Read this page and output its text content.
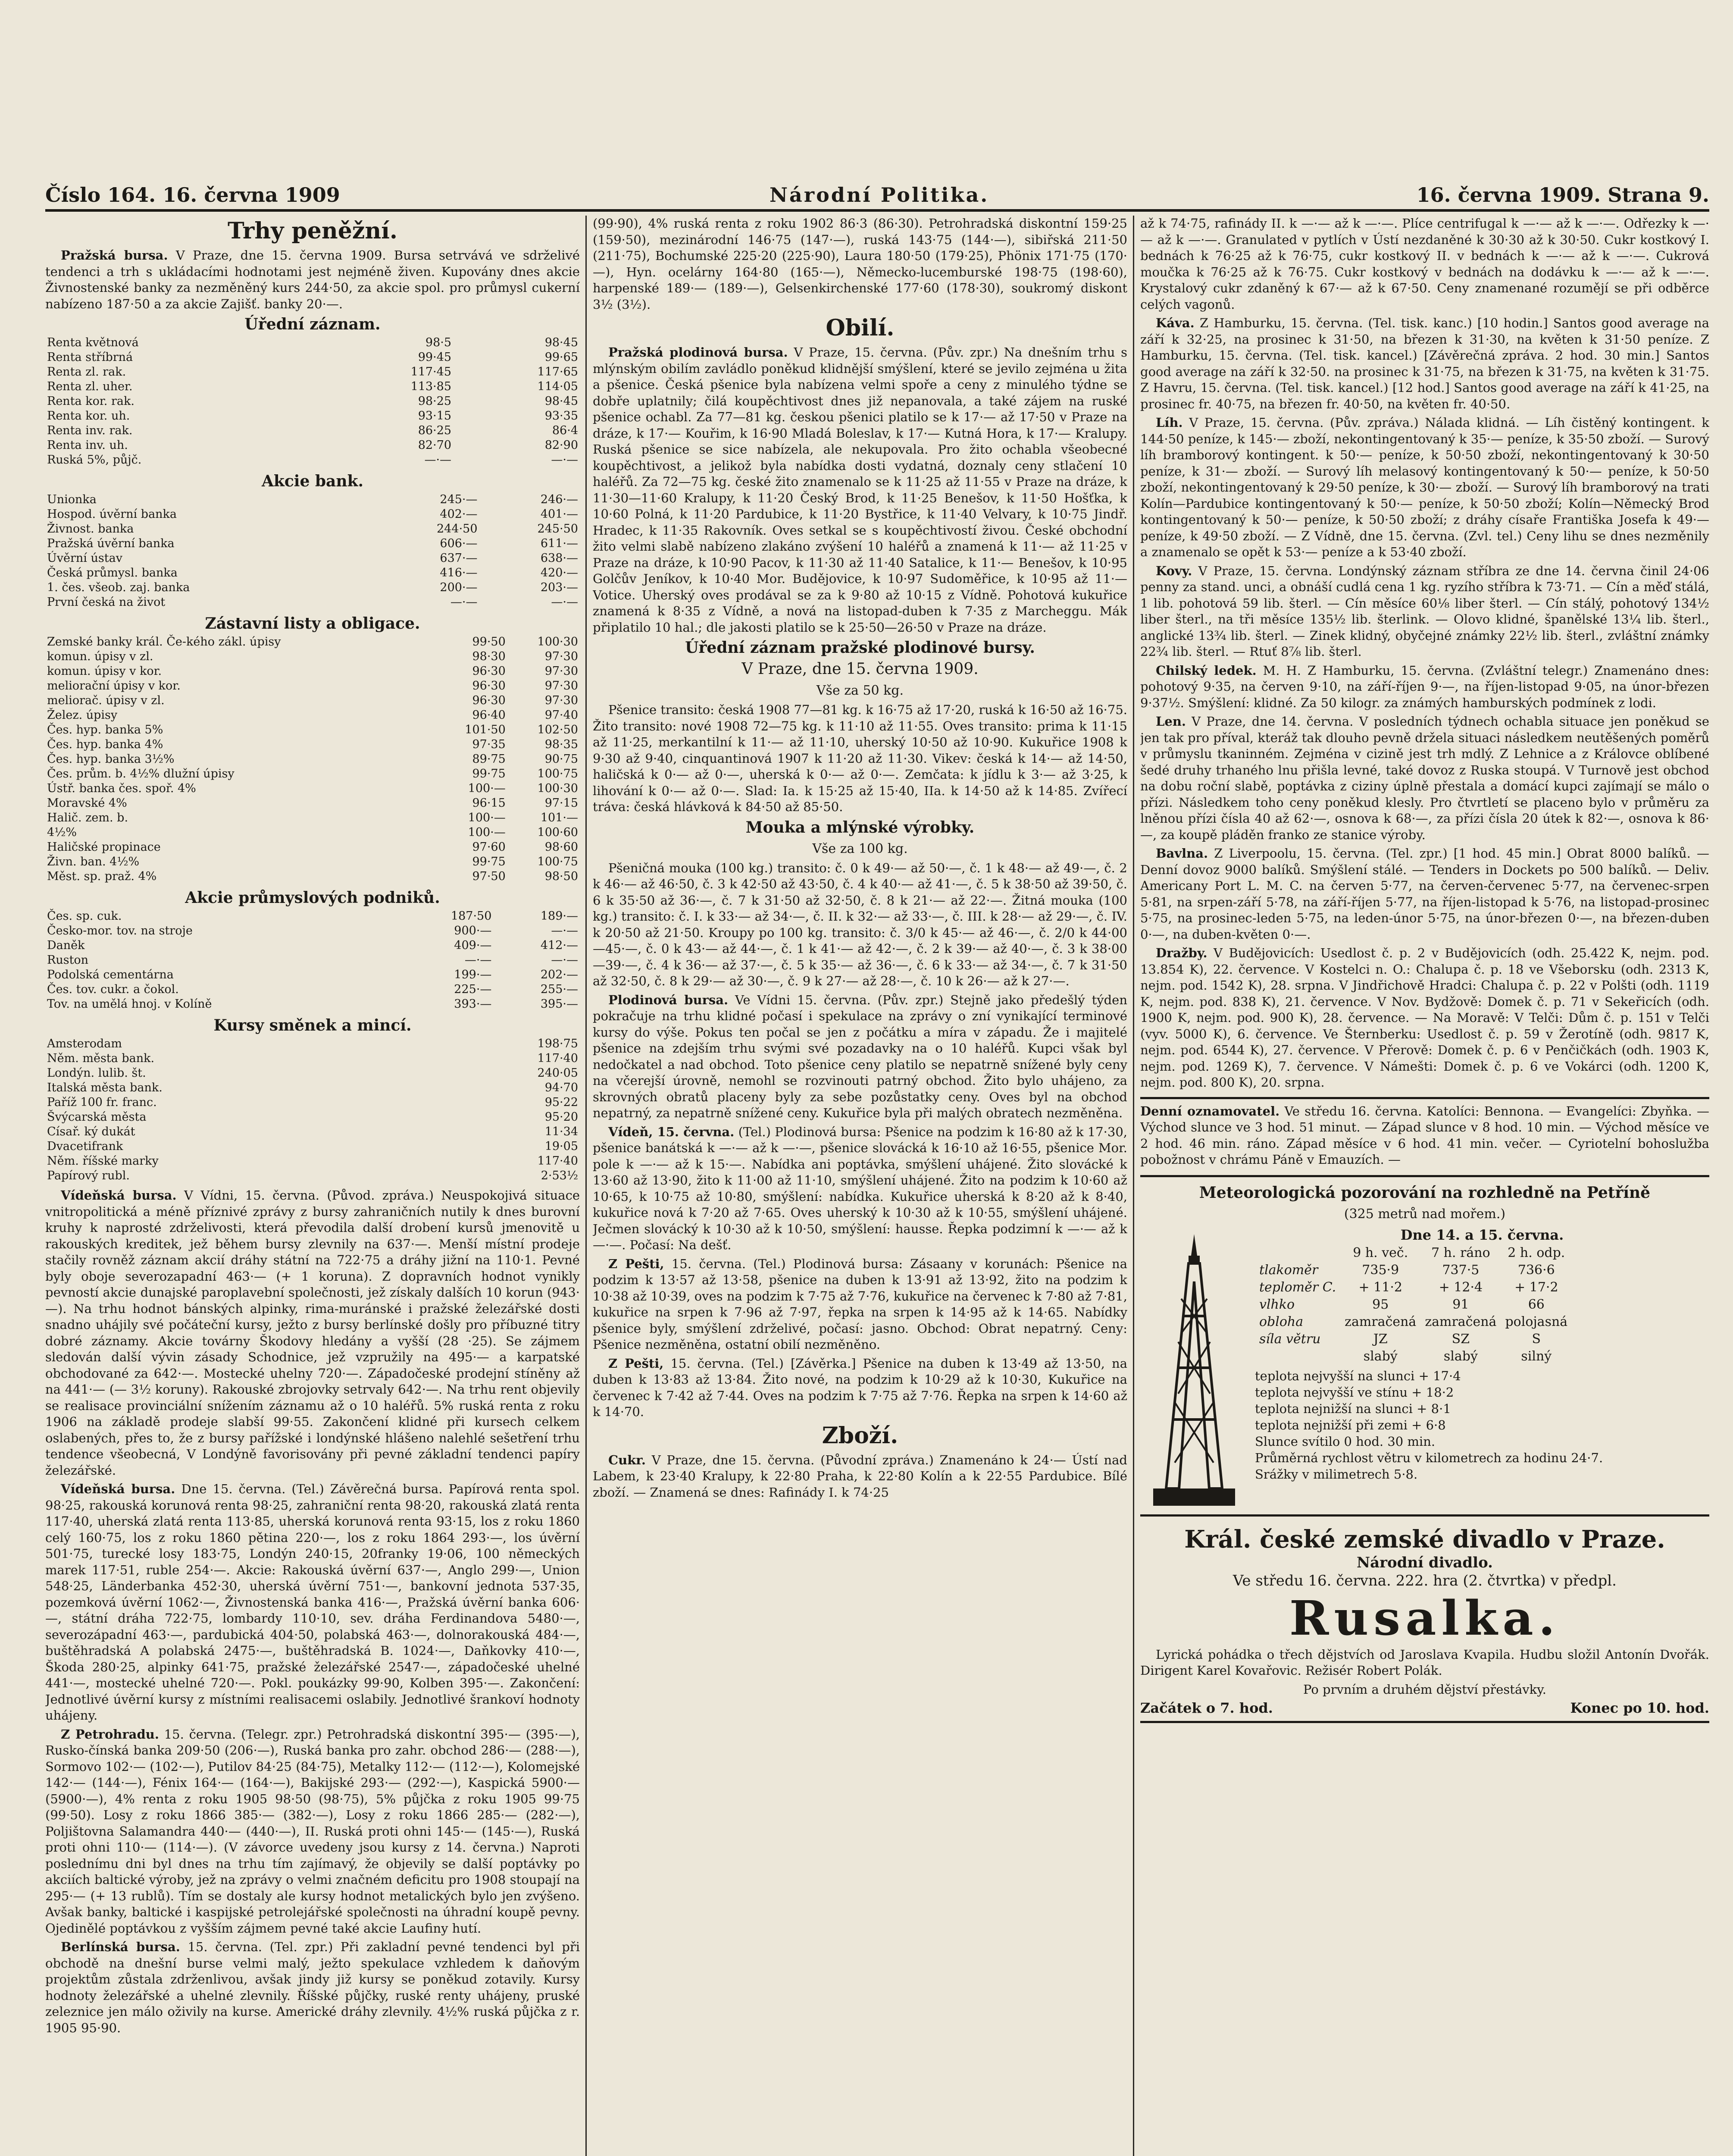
Číslo 164. 16. června 1909	Národní Politika.	16. června 1909. Strana 9.
Trhy peněžní.

Pražská bursa. V Praze, dne 15. června 1909. Bursa setrvává ve sdrželivé tendenci a trh s ukládacími hodnotami jest nejméně živen. Kupovány dnes akcie Živnostenské banky za nezměněný kurs 244·50, za akcie spol. pro průmysl cukerní nabízeno 187·50 a za akcie Zajišť. banky 20·—.

Úřední záznam.
Renta květnová	98·5	98·45
Renta stříbrná	99·45	99·65
Renta zl. rak.	117·45	117·65
Renta zl. uher.	113·85	114·05
Renta kor. rak.	98·25	98·45
Renta kor. uh.	93·15	93·35
Renta inv. rak.	86·25	86·4
Renta inv. uh.	82·70	82·90
Ruská 5%, půjč.	—·—	—·—
Akcie bank.
Unionka	245·—	246·—
Hospod. úvěrní banka	402·—	401·—
Živnost. banka	244·50	245·50
Pražská úvěrní banka	606·—	611·—
Úvěrní ústav	637·—	638·—
Česká průmysl. banka	416·—	420·—
1. čes. všeob. zaj. banka	200·—	203·—
První česká na život	—·—	—·—
Zástavní listy a obligace.
Zemské banky král. Če-kého zákl. úpisy	99·50	100·30
komun. úpisy v zl.	98·30	97·30
komun. úpisy v kor.	96·30	97·30
meliorační úpisy v kor.	96·30	97·30
meliorač. úpisy v zl.	96·30	97·30
Želez. úpisy	96·40	97·40
Čes. hyp. banka 5%	101·50	102·50
Čes. hyp. banka 4%	97·35	98·35
Čes. hyp. banka 3½%	89·75	90·75
Čes. prům. b. 4½% dlužní úpisy	99·75	100·75
Ústř. banka čes. spoř. 4%	100·—	100·30
Moravské 4%	96·15	97·15
Halič. zem. b.	100·—	101·—
4½%	100·—	100·60
Haličské propinace	97·60	98·60
Živn. ban. 4½%	99·75	100·75
Měst. sp. praž. 4%	97·50	98·50
Akcie průmyslových podniků.
Čes. sp. cuk.	187·50	189·—
Česko-mor. tov. na stroje	900·—	—·—
Daněk	409·—	412·—
Ruston	—·—	—·—
Podolská cementárna	199·—	202·—
Čes. tov. cukr. a čokol.	225·—	255·—
Tov. na umělá hnoj. v Kolíně	393·—	395·—
Kursy směnek a mincí.
Amsterodam	198·75
Něm. města bank.	117·40
Londýn. lulib. št.	240·05
Italská města bank.	94·70
Paříž 100 fr. franc.	95·22
Švýcarská města	95·20
Císař. ký dukát	11·34
Dvacetifrank	19·05
Něm. říšské marky	117·40
Papírový rubl.	2·53½

Vídeňská bursa. V Vídni, 15. června. (Původ. zpráva.) Neuspokojivá situace vnitropolitická a méně příznivé zprávy z bursy zahraničních nutily k dnes burovní kruhy k naprosté zdrželivosti, která převodila další drobení kursů jmenovitě u rakouských kreditek, jež během bursy zlevnily na 637·—. Menší místní prodeje stačily rovněž záznam akcií dráhy státní na 722·75 a dráhy jižní na 110·1. Pevné byly oboje severozapadní 463·— (+ 1 koruna). Z dopravních hodnot vynikly pevností akcie dunajské paroplavební společnosti, jež získaly dalších 10 korun (943·—). Na trhu hodnot bánských alpinky, rima-muránské i pražské železářské dosti snadno uhájily své počáteční kursy, ježto z bursy berlínské došly pro příbuzné titry dobré záznamy. Akcie továrny Škodovy hledány a vyšší (28 ·25). Se zájmem sledován další vývin zásady Schodnice, jež vzpružily na 495·— a karpatské obchodované za 642·—. Mostecké uhelny 720·—. Západočeské prodejní stíněny až na 441·— (— 3½ koruny). Rakouské zbrojovky setrvaly 642·—. Na trhu rent objevily se realisace provinciální snížením záznamu až o 10 haléřů. 5% ruská renta z roku 1906 na základě prodeje slabší 99·55. Zakončení klidné při kursech celkem oslabených, přes to, že z bursy pařížské i londýnské hlášeno nalehlé sešetření trhu tendence všeobecná, V Londýně favorisovány při pevné základní tendenci papíry železářské.

Vídeňská bursa. Dne 15. června. (Tel.) Závěrečná bursa. Papírová renta spol. 98·25, rakouská korunová renta 98·25, zahraniční renta 98·20, rakouská zlatá renta 117·40, uherská zlatá renta 113·85, uherská korunová renta 93·15, los z roku 1860 celý 160·75, los z roku 1860 pětina 220·—, los z roku 1864 293·—, los úvěrní 501·75, turecké losy 183·75, Londýn 240·15, 20franky 19·06, 100 německých marek 117·51, ruble 254·—. Akcie: Rakouská úvěrní 637·—, Anglo 299·—, Union 548·25, Länderbanka 452·30, uherská úvěrní 751·—, bankovní jednota 537·35, pozemková úvěrní 1062·—, Živnostenská banka 416·—, Pražská úvěrní banka 606·—, státní dráha 722·75, lombardy 110·10, sev. dráha Ferdinandova 5480·—, severozápadní 463·—, pardubická 404·50, polabská 463·—, dolnorakouská 484·—, buštěhradská A polabská 2475·—, buštěhradská B. 1024·—, Daňkovky 410·—, Škoda 280·25, alpinky 641·75, pražské železářské 2547·—, západočeské uhelné 441·—, mostecké uhelné 720·—. Pokl. poukázky 99·90, Kolben 395·—. Zakončení: Jednotlivé úvěrní kursy z místními realisacemi oslabily. Jednotlivé šrankoví hodnoty uhájeny.

Z Petrohradu. 15. června. (Telegr. zpr.) Petrohradská diskontní 395·— (395·—), Rusko-čínská banka 209·50 (206·—), Ruská banka pro zahr. obchod 286·— (288·—), Sormovo 102·— (102·—), Putilov 84·25 (84·75), Metalky 112·— (112·—), Kolomejské 142·— (144·—), Fénix 164·— (164·—), Bakijské 293·— (292·—), Kaspická 5900·— (5900·—), 4% renta z roku 1905 98·50 (98·75), 5% půjčka z roku 1905 99·75 (99·50). Losy z roku 1866 385·— (382·—), Losy z roku 1866 285·— (282·—), Poljištovna Salamandra 440·— (440·—), II. Ruská proti ohni 145·— (145·—), Ruská proti ohni 110·— (114·—). (V závorce uvedeny jsou kursy z 14. června.) Naproti poslednímu dni byl dnes na trhu tím zajímavý, že objevily se další poptávky po akciích baltické výroby, jež na zprávy o velmi značném deficitu pro 1908 stoupají na 295·— (+ 13 rublů). Tím se dostaly ale kursy hodnot metalických bylo jen zvýšeno. Avšak banky, baltické i kaspijské petrolejářské společnosti na úhradní koupě pevny. Ojedinělé poptávkou z vyšším zájmem pevné také akcie Laufiny hutí.

Berlínská bursa. 15. června. (Tel. zpr.) Při zakladní pevné tendenci byl při obchodě na dnešní burse velmi malý, ježto spekulace vzhledem k daňovým projektům zůstala zdrženlivou, avšak jindy již kursy se poněkud zotavily. Kursy hodnoty železářské a uhelné zlevnily. Říšské půjčky, ruské renty uhájeny, pruské zeleznice jen málo oživily na kurse. Americké dráhy zlevnily. 4½% ruská půjčka z r. 1905 95·90.

(99·90), 4% ruská renta z roku 1902 86·3 (86·30). Petrohradská diskontní 159·25 (159·50), mezinárodní 146·75 (147·—), ruská 143·75 (144·—), sibiřská 211·50 (211·75), Bochumské 225·20 (225·90), Laura 180·50 (179·25), Phönix 171·75 (170·—), Hyn. ocelárny 164·80 (165·—), Německo-lucemburské 198·75 (198·60), harpenské 189·— (189·—), Gelsenkirchenské 177·60 (178·30), soukromý diskont 3½ (3½).

Obilí.

Pražská plodinová bursa. V Praze, 15. června. (Pův. zpr.) Na dnešním trhu s mlýnským obilím zavládlo poněkud klidnější smýšlení, které se jevilo zejména u žita a pšenice. Česká pšenice byla nabízena velmi spoře a ceny z minulého týdne se dobře uplatnily; čilá koupěchtivost dnes již nepanovala, a také zájem na ruské pšenice ochabl. Za 77—81 kg. českou pšenici platilo se k 17·— až 17·50 v Praze na dráze, k 17·— Kouřim, k 16·90 Mladá Boleslav, k 17·— Kutná Hora, k 17·— Kralupy. Ruská pšenice se sice nabízela, ale nekupovala. Pro žito ochabla všeobecné koupěchtivost, a jelikož byla nabídka dosti vydatná, doznaly ceny stlačení 10 haléřů. Za 72—75 kg. české žito znamenalo se k 11·25 až 11·55 v Praze na dráze, k 11·30—11·60 Kralupy, k 11·20 Český Brod, k 11·25 Benešov, k 11·50 Hošťka, k 10·60 Polná, k 11·20 Pardubice, k 11·20 Bystřice, k 11·40 Velvary, k 10·75 Jindř. Hradec, k 11·35 Rakovník. Oves setkal se s koupěchtivostí živou. České obchodní žito velmi slabě nabízeno zlakáno zvýšení 10 haléřů a znamená k 11·— až 11·25 v Praze na dráze, k 10·90 Pacov, k 11·30 až 11·40 Satalice, k 11·— Benešov, k 10·95 Golčův Jeníkov, k 10·40 Mor. Budějovice, k 10·97 Sudoměřice, k 10·95 až 11·— Votice. Uherský oves prodával se za k 9·80 až 10·15 z Vídně. Pohotová kukuřice znamená k 8·35 z Vídně, a nová na listopad-duben k 7·35 z Marcheggu. Mák připlatilo 10 hal.; dle jakosti platilo se k 25·50—26·50 v Praze na dráze.

Úřední záznam pražské plodinové bursy.
V Praze, dne 15. června 1909.
Vše za 50 kg.

Pšenice transito: česká 1908 77—81 kg. k 16·75 až 17·20, ruská k 16·50 až 16·75. Žito transito: nové 1908 72—75 kg. k 11·10 až 11·55. Oves transito: prima k 11·15 až 11·25, merkantilní k 11·— až 11·10, uherský 10·50 až 10·90. Kukuřice 1908 k 9·30 až 9·40, cinquantinová 1907 k 11·20 až 11·30. Vikev: česká k 14·— až 14·50, haličská k 0·— až 0·—, uherská k 0·— až 0·—. Zemčata: k jídlu k 3·— až 3·25, k lihování k 0·— až 0·—. Slad: Ia. k 15·25 až 15·40, IIa. k 14·50 až k 14·85. Zvířecí tráva: česká hlávková k 84·50 až 85·50.

Mouka a mlýnské výrobky.
Vše za 100 kg.

Pšeničná mouka (100 kg.) transito: č. 0 k 49·— až 50·—, č. 1 k 48·— až 49·—, č. 2 k 46·— až 46·50, č. 3 k 42·50 až 43·50, č. 4 k 40·— až 41·—, č. 5 k 38·50 až 39·50, č. 6 k 35·50 až 36·—, č. 7 k 31·50 až 32·50, č. 8 k 21·— až 22·—. Žitná mouka (100 kg.) transito: č. I. k 33·— až 34·—, č. II. k 32·— až 33·—, č. III. k 28·— až 29·—, č. IV. k 20·50 až 21·50. Kroupy po 100 kg. transito: č. 3/0 k 45·— až 46·—, č. 2/0 k 44·00—45·—, č. 0 k 43·— až 44·—, č. 1 k 41·— až 42·—, č. 2 k 39·— až 40·—, č. 3 k 38·00—39·—, č. 4 k 36·— až 37·—, č. 5 k 35·— až 36·—, č. 6 k 33·— až 34·—, č. 7 k 31·50 až 32·50, č. 8 k 29·— až 30·—, č. 9 k 27·— až 28·—, č. 10 k 26·— až k 27·—.

Plodinová bursa. Ve Vídni 15. června. (Pův. zpr.) Stejně jako předešlý týden pokračuje na trhu klidné počasí i spekulace na zprávy o zní vynikající terminové kursy do výše. Pokus ten počal se jen z počátku a míra v západu. Že i majitelé pšenice na zdejším trhu svými své pozadavky na o 10 haléřů. Kupci však byl nedočkatel a nad obchod. Toto pšenice ceny platilo se nepatrně snížené byly ceny na včerejší úrovně, nemohl se rozvinouti patrný obchod. Žito bylo uhájeno, za skrovných obratů placeny byly za sebe pozůstatky ceny. Oves byl na obchod nepatrný, za nepatrně snížené ceny. Kukuřice byla při malých obratech nezměněna.

Vídeň, 15. června. (Tel.) Plodinová bursa: Pšenice na podzim k 16·80 až k 17·30, pšenice banátská k —·— až k —·—, pšenice slovácká k 16·10 až 16·55, pšenice Mor. pole k —·— až k 15·—. Nabídka ani poptávka, smýšlení uhájené. Žito slovácké k 13·60 až 13·90, žito k 11·00 až 11·10, smýšlení uhájené. Žito na podzim k 10·60 až 10·65, k 10·75 až 10·80, smýšlení: nabídka. Kukuřice uherská k 8·20 až k 8·40, kukuřice nová k 7·20 až 7·65. Oves uherský k 10·30 až k 10·55, smýšlení uhájené. Ječmen slovácký k 10·30 až k 10·50, smýšlení: hausse. Řepka podzimní k —·— až k —·—. Počasí: Na dešť.

Z Pešti, 15. června. (Tel.) Plodinová bursa: Zásaany v korunách: Pšenice na podzim k 13·57 až 13·58, pšenice na duben k 13·91 až 13·92, žito na podzim k 10·38 až 10·39, oves na podzim k 7·75 až 7·76, kukuřice na červenec k 7·80 až 7·81, kukuřice na srpen k 7·96 až 7·97, řepka na srpen k 14·95 až k 14·65. Nabídky pšenice byly, smýšlení zdrželivé, počasí: jasno. Obchod: Obrat nepatrný. Ceny: Pšenice nezměněna, ostatní obilí nezměněno.

Z Pešti, 15. června. (Tel.) [Závěrka.] Pšenice na duben k 13·49 až 13·50, na duben k 13·83 až 13·84. Žito nové, na podzim k 10·29 až k 10·30, Kukuřice na červenec k 7·42 až 7·44. Oves na podzim k 7·75 až 7·76. Řepka na srpen k 14·60 až k 14·70.

Zboží.

Cukr. V Praze, dne 15. června. (Původní zpráva.) Znamenáno k 24·— Ústí nad Labem, k 23·40 Kralupy, k 22·80 Praha, k 22·80 Kolín a k 22·55 Pardubice. Bílé zboží. — Znamená se dnes: Rafinády I. k 74·25

až k 74·75, rafinády II. k —·— až k —·—. Plíce centrifugal k —·— až k —·—. Odřezky k —·— až k —·—. Granulated v pytlích v Ústí nezdaněné k 30·30 až k 30·50. Cukr kostkový I. bednách k 76·25 až k 76·75, cukr kostkový II. v bednách k —·— až k —·—. Cukrová moučka k 76·25 až k 76·75. Cukr kostkový v bednách na dodávku k —·— až k —·—. Krystalový cukr zdaněný k 67·— až k 67·50. Ceny znamenané rozumějí se při odběrce celých vagonů.

Káva. Z Hamburku, 15. června. (Tel. tisk. kanc.) [10 hodin.] Santos good average na září k 32·25, na prosinec k 31·50, na březen k 31·30, na květen k 31·50 peníze. Z Hamburku, 15. června. (Tel. tisk. kancel.) [Závěrečná zpráva. 2 hod. 30 min.] Santos good average na září k 32·50. na prosinec k 31·75, na březen k 31·75, na květen k 31·75. Z Havru, 15. června. (Tel. tisk. kancel.) [12 hod.] Santos good average na září k 41·25, na prosinec fr. 40·75, na březen fr. 40·50, na květen fr. 40·50.

Líh. V Praze, 15. června. (Pův. zpráva.) Nálada klidná. — Líh čistěný kontingent. k 144·50 peníze, k 145·— zboží, nekontingentovaný k 35·— peníze, k 35·50 zboží. — Surový líh bramborový kontingent. k 50·— peníze, k 50·50 zboží, nekontingentovaný k 30·50 peníze, k 31·— zboží. — Surový líh melasový kontingentovaný k 50·— peníze, k 50·50 zboží, nekontingentovaný k 29·50 peníze, k 30·— zboží. — Surový líh bramborový na trati Kolín—Pardubice kontingentovaný k 50·— peníze, k 50·50 zboží; Kolín—Německý Brod kontingentovaný k 50·— peníze, k 50·50 zboží; z dráhy císaře Františka Josefa k 49·— peníze, k 49·50 zboží. — Z Vídně, dne 15. června. (Zvl. tel.) Ceny lihu se dnes nezměnily a znamenalo se opět k 53·— peníze a k 53·40 zboží.

Kovy. V Praze, 15. června. Londýnský záznam stříbra ze dne 14. června činil 24·06 penny za stand. unci, a obnáší cudlá cena 1 kg. ryzího stříbra k 73·71. — Cín a měď stálá, 1 lib. pohotová 59 lib. šterl. — Cín měsíce 60⅛ liber šterl. — Cín stálý, pohotový 134½ liber šterl., na tři měsíce 135½ lib. šterlink. — Olovo klidné, španělské 13¼ lib. šterl., anglické 13¾ lib. šterl. — Zinek klidný, obyčejné známky 22½ lib. šterl., zvláštní známky 22¾ lib. šterl. — Rtuť 8⅞ lib. šterl.

Chilský ledek. M. H. Z Hamburku, 15. června. (Zvláštní telegr.) Znamenáno dnes: pohotový 9·35, na červen 9·10, na září-říjen 9·—, na říjen-listopad 9·05, na únor-březen 9·37½. Smýšlení: klidné. Za 50 kilogr. za známých hamburských podmínek z lodi.

Len. V Praze, dne 14. června. V posledních týdnech ochabla situace jen poněkud se jen tak pro příval, kteráž tak dlouho pevně držela situaci následkem neutěšených poměrů v průmyslu tkaninném. Zejména v cizině jest trh mdlý. Z Lehnice a z Královce oblíbené šedé druhy trhaného lnu přišla levné, také dovoz z Ruska stoupá. V Turnově jest obchod na dobu roční slabě, poptávka z ciziny úplně přestala a domácí kupci zajímají se málo o přízi. Následkem toho ceny poněkud klesly. Pro čtvrtletí se placeno bylo v průměru za lněnou přízi čísla 40 až 62·—, osnova k 68·—, za přízi čísla 20 útek k 82·—, osnova k 86·—, za koupě pláděn franko ze stanice výroby.

Bavlna. Z Liverpoolu, 15. června. (Tel. zpr.) [1 hod. 45 min.] Obrat 8000 balíků. — Denní dovoz 9000 balíků. Smýšlení stálé. — Tenders in Dockets po 500 balíků. — Deliv. Americany Port L. M. C. na červen 5·77, na červen-červenec 5·77, na červenec-srpen 5·81, na srpen-září 5·78, na září-říjen 5·77, na říjen-listopad k 5·76, na listopad-prosinec 5·75, na prosinec-leden 5·75, na leden-únor 5·75, na únor-březen 0·—, na březen-duben 0·—, na duben-květen 0·—.

Dražby. V Budějovicích: Usedlost č. p. 2 v Budějovicích (odh. 25.422 K, nejm. pod. 13.854 K), 22. července. V Kostelci n. O.: Chalupa č. p. 18 ve Všeborsku (odh. 2313 K, nejm. pod. 1542 K), 28. srpna. V Jindřichově Hradci: Chalupa č. p. 22 v Polšti (odh. 1119 K, nejm. pod. 838 K), 21. července. V Nov. Bydžově: Domek č. p. 71 v Sekeřicích (odh. 1900 K, nejm. pod. 900 K), 28. července. — Na Moravě: V Telči: Dům č. p. 151 v Telči (vyv. 5000 K), 6. července. Ve Šternberku: Usedlost č. p. 59 v Žerotíně (odh. 9817 K, nejm. pod. 6544 K), 27. července. V Přerově: Domek č. p. 6 v Penčičkách (odh. 1903 K, nejm. pod. 1269 K), 7. července. V Námešti: Domek č. p. 6 ve Vokárci (odh. 1200 K, nejm. pod. 800 K), 20. srpna.

Denní oznamovatel. Ve středu 16. června. Katolíci: Bennona. — Evangelíci: Zbyňka. — Východ slunce ve 3 hod. 51 minut. — Západ slunce v 8 hod. 10 min. — Východ měsíce ve 2 hod. 46 min. ráno. Západ měsíce v 6 hod. 41 min. večer. — Cyriotelní bohoslužba pobožnost v chrámu Páně v Emauzích. —

Meteorologická pozorování na rozhledně na Petříně
(325 metrů nad mořem.)
Dne 14. a 15. června.
	9 h. več.	7 h. ráno	2 h. odp.
tlakoměr	735·9	737·5	736·6
teploměr C.	+ 11·2	+ 12·4	+ 17·2
vlhko	95	91	66
obloha	zamračená	zamračená	polojasná
síla větru	JZ	SZ	S
	slabý	slabý	silný
teplota nejvyšší na slunci + 17·4
teplota nejvyšší ve stínu + 18·2
teplota nejnižší na slunci + 8·1
teplota nejnižší při zemi + 6·8
Slunce svítilo 0 hod. 30 min.
Průměrná rychlost větru v kilometrech za hodinu 24·7.
Srážky v milimetrech 5·8.
Král. české zemské divadlo v Praze.
Národní divadlo.
Ve středu 16. června. 222. hra (2. čtvrtka) v předpl.
Rusalka.

Lyrická pohádka o třech dějstvích od Jaroslava Kvapila. Hudbu složil Antonín Dvořák. Dirigent Karel Kovařovic. Režisér Robert Polák.

Po prvním a druhém dějství přestávky.

Začátek o 7. hod.	Konec po 10. hod.
